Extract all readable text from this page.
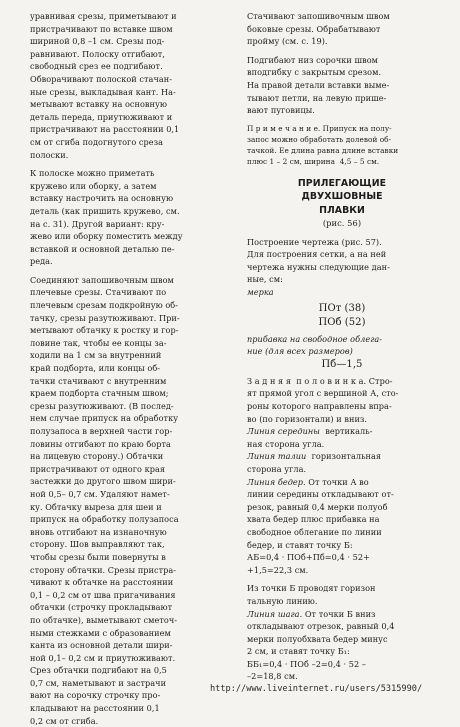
уравнивая срезы, приметывают и

пристрачивают по вставке швом

шириной 0,8 –1 см. Срезы под-

равнивают. Полоску отгибают,

свободный срез ее подгибают.

Обворачивают полоской стачан-

ные срезы, выкладывая кант. На-

метывают вставку на основную

деталь переда, приутюживают и

пристрачивают на расстоянии 0,1

см от сгиба подогнутого среза

полоски.

К полоске можно приметать

кружево или оборку, а затем

вставку настрочить на основную

деталь (как пришить кружево, см.

на с. 31). Другой вариант: кру-

жево или оборку поместить между

вставкой и основной деталью пе-

реда.

Соединяют запошивочным швом

плечевые срезы. Стачивают по

плечевым срезам подкройную об-

тачку, срезы разутюживают. При-

метывают обтачку к ростку и гор-

ловине так, чтобы ее концы за-

ходили на 1 см за внутренний

край подборта, или концы об-

тачки стачивают с внутренним

краем подборта стачным швом;

срезы разутюживают. (В послед-

нем случае припуск на обработку

полузапоса в верхней части гор-

ловины отгибают по краю борта

на лицевую сторону.) Обтачки

пристрачивают от одного края

застежки до другого швом шири-

ной 0,5– 0,7 см. Удаляют намет-

ку. Обтачку выреза для шеи и

припуск на обработку полузапоса

вновь отгибают на изнаночную

сторону. Шов выправляют так,

чтобы срезы были повернуты в

сторону обтачки. Срезы пристра-

чивают к обтачке на расстоянии

0,1 – 0,2 см от шва пригачивания

обтачки (строчку прокладывают

по обтачке), выметывают сметоч-

ными стежками с образованием

канта из основной детали шири-

ной 0,1– 0,2 см и приутюживают.

Срез обтачки подгибают на 0,5

0,7 см, наметывают и застрачи

вают на сорочку строчку про-

кладывают на расстоянии 0,1

0,2 см от сгиба.

Стачивают запошивочным швом

боковые срезы. Обрабатывают

пройму (см. с. 19).

Подгибают низ сорочки швом

вподгибку с закрытым срезом.

На правой детали вставки выме-

тывают петли, на левую прише-

вают пуговицы.

П р и м е ч а н и е. Припуск на полу-

запос можно обработать долевой об-

тачкой. Ее длина равна длине вставки

плюс 1 – 2 см, ширина  4,5 – 5 см.

ПРИЛЕГАЮЩИЕ
ДВУХШОВНЫЕ
ПЛАВКИ
(рис. 56)

Построение чертежа (рис. 57).

Для построения сетки, а на ней

чертежа нужны следующие дан-

ные, см:

мерка

ПОт (38)
ПОб (52)

прибавка на свободное облега-

ние (для всех размеров)

Пб—1,5

З а д н я я  п о л о в и н к а. Стро-

ят прямой угол с вершиной А, сто-

роны которого направлены впра-

во (по горизонтали) и вниз.

Линия середины  вертикаль-

ная сторона угла.

Линия талии  горизонтальная

сторона угла.

Линия бедер. От точки А во

линии середины откладывают от-

резок, равный 0,4 мерки полуоб

хвата бедер плюс прибавка на

свободное облегание по линии

бедер, и ставят точку Б:

АБ=0,4 · ПОб+Пб=0,4 · 52+

+1,5=22,3 см.

Из точки Б проводят горизон

тальную линию.

Линия шага. От точки Б вниз

откладывают отрезок, равный 0,4

мерки полуобхвата бедер минус

2 см, и ставят точку Б₁:

ББ₁=0,4 · ПОб –2=0,4 · 52 –

–2=18,8 см.

http://www.liveinternet.ru/users/5315990/
